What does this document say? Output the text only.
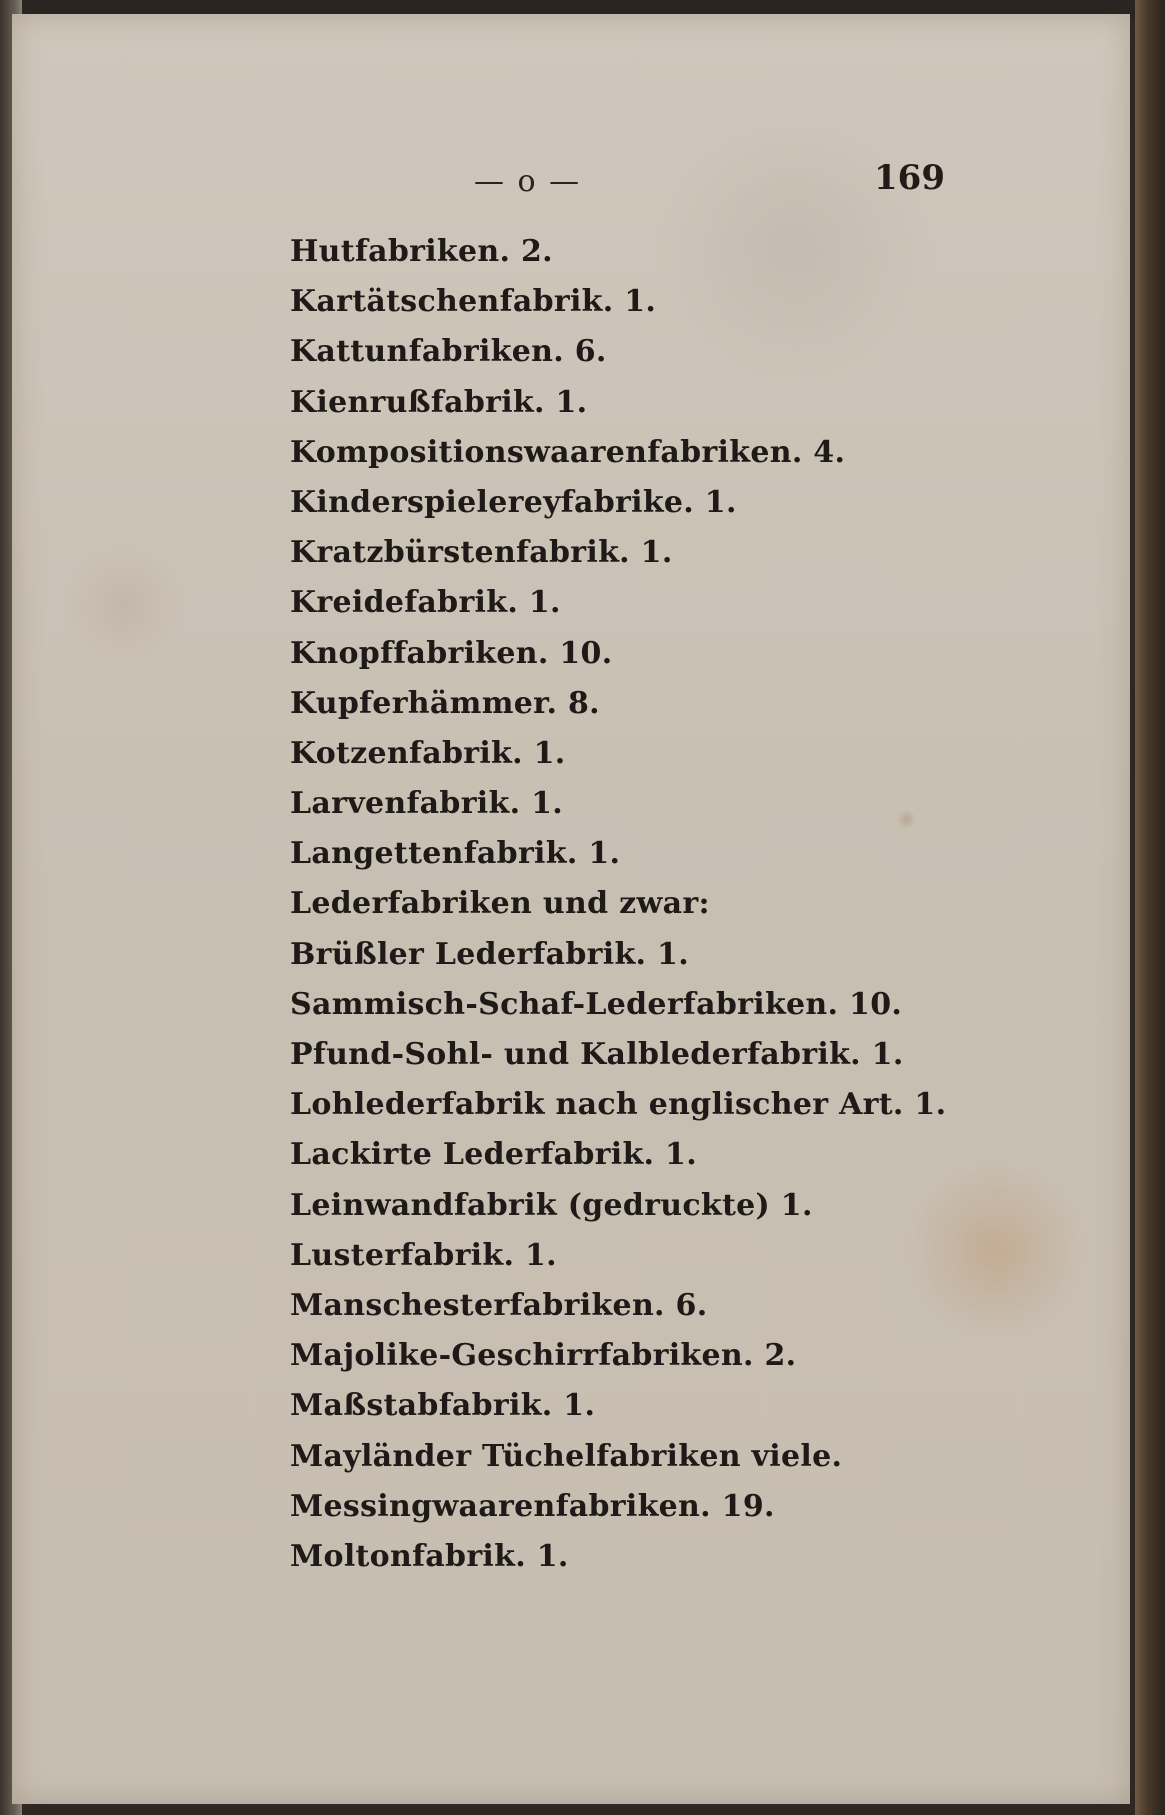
— o —	169
Hutfabriken. 2.
Kartätschenfabrik. 1.
Kattunfabriken. 6.
Kienrußfabrik. 1.
Kompositionswaarenfabriken. 4.
Kinderspielereyfabrike. 1.
Kratzbürstenfabrik. 1.
Kreidefabrik. 1.
Knopffabriken. 10.
Kupferhämmer. 8.
Kotzenfabrik. 1.
Larvenfabrik. 1.
Langettenfabrik. 1.
Lederfabriken und zwar:
Brüßler Lederfabrik. 1.
Sammisch-Schaf-Lederfabriken. 10.
Pfund-Sohl- und Kalblederfabrik. 1.
Lohlederfabrik nach englischer Art. 1.
Lackirte Lederfabrik. 1.
Leinwandfabrik (gedruckte) 1.
Lusterfabrik. 1.
Manschesterfabriken. 6.
Majolike-Geschirrfabriken. 2.
Maßstabfabrik. 1.
Mayländer Tüchelfabriken viele.
Messingwaarenfabriken. 19.
Moltonfabrik. 1.
